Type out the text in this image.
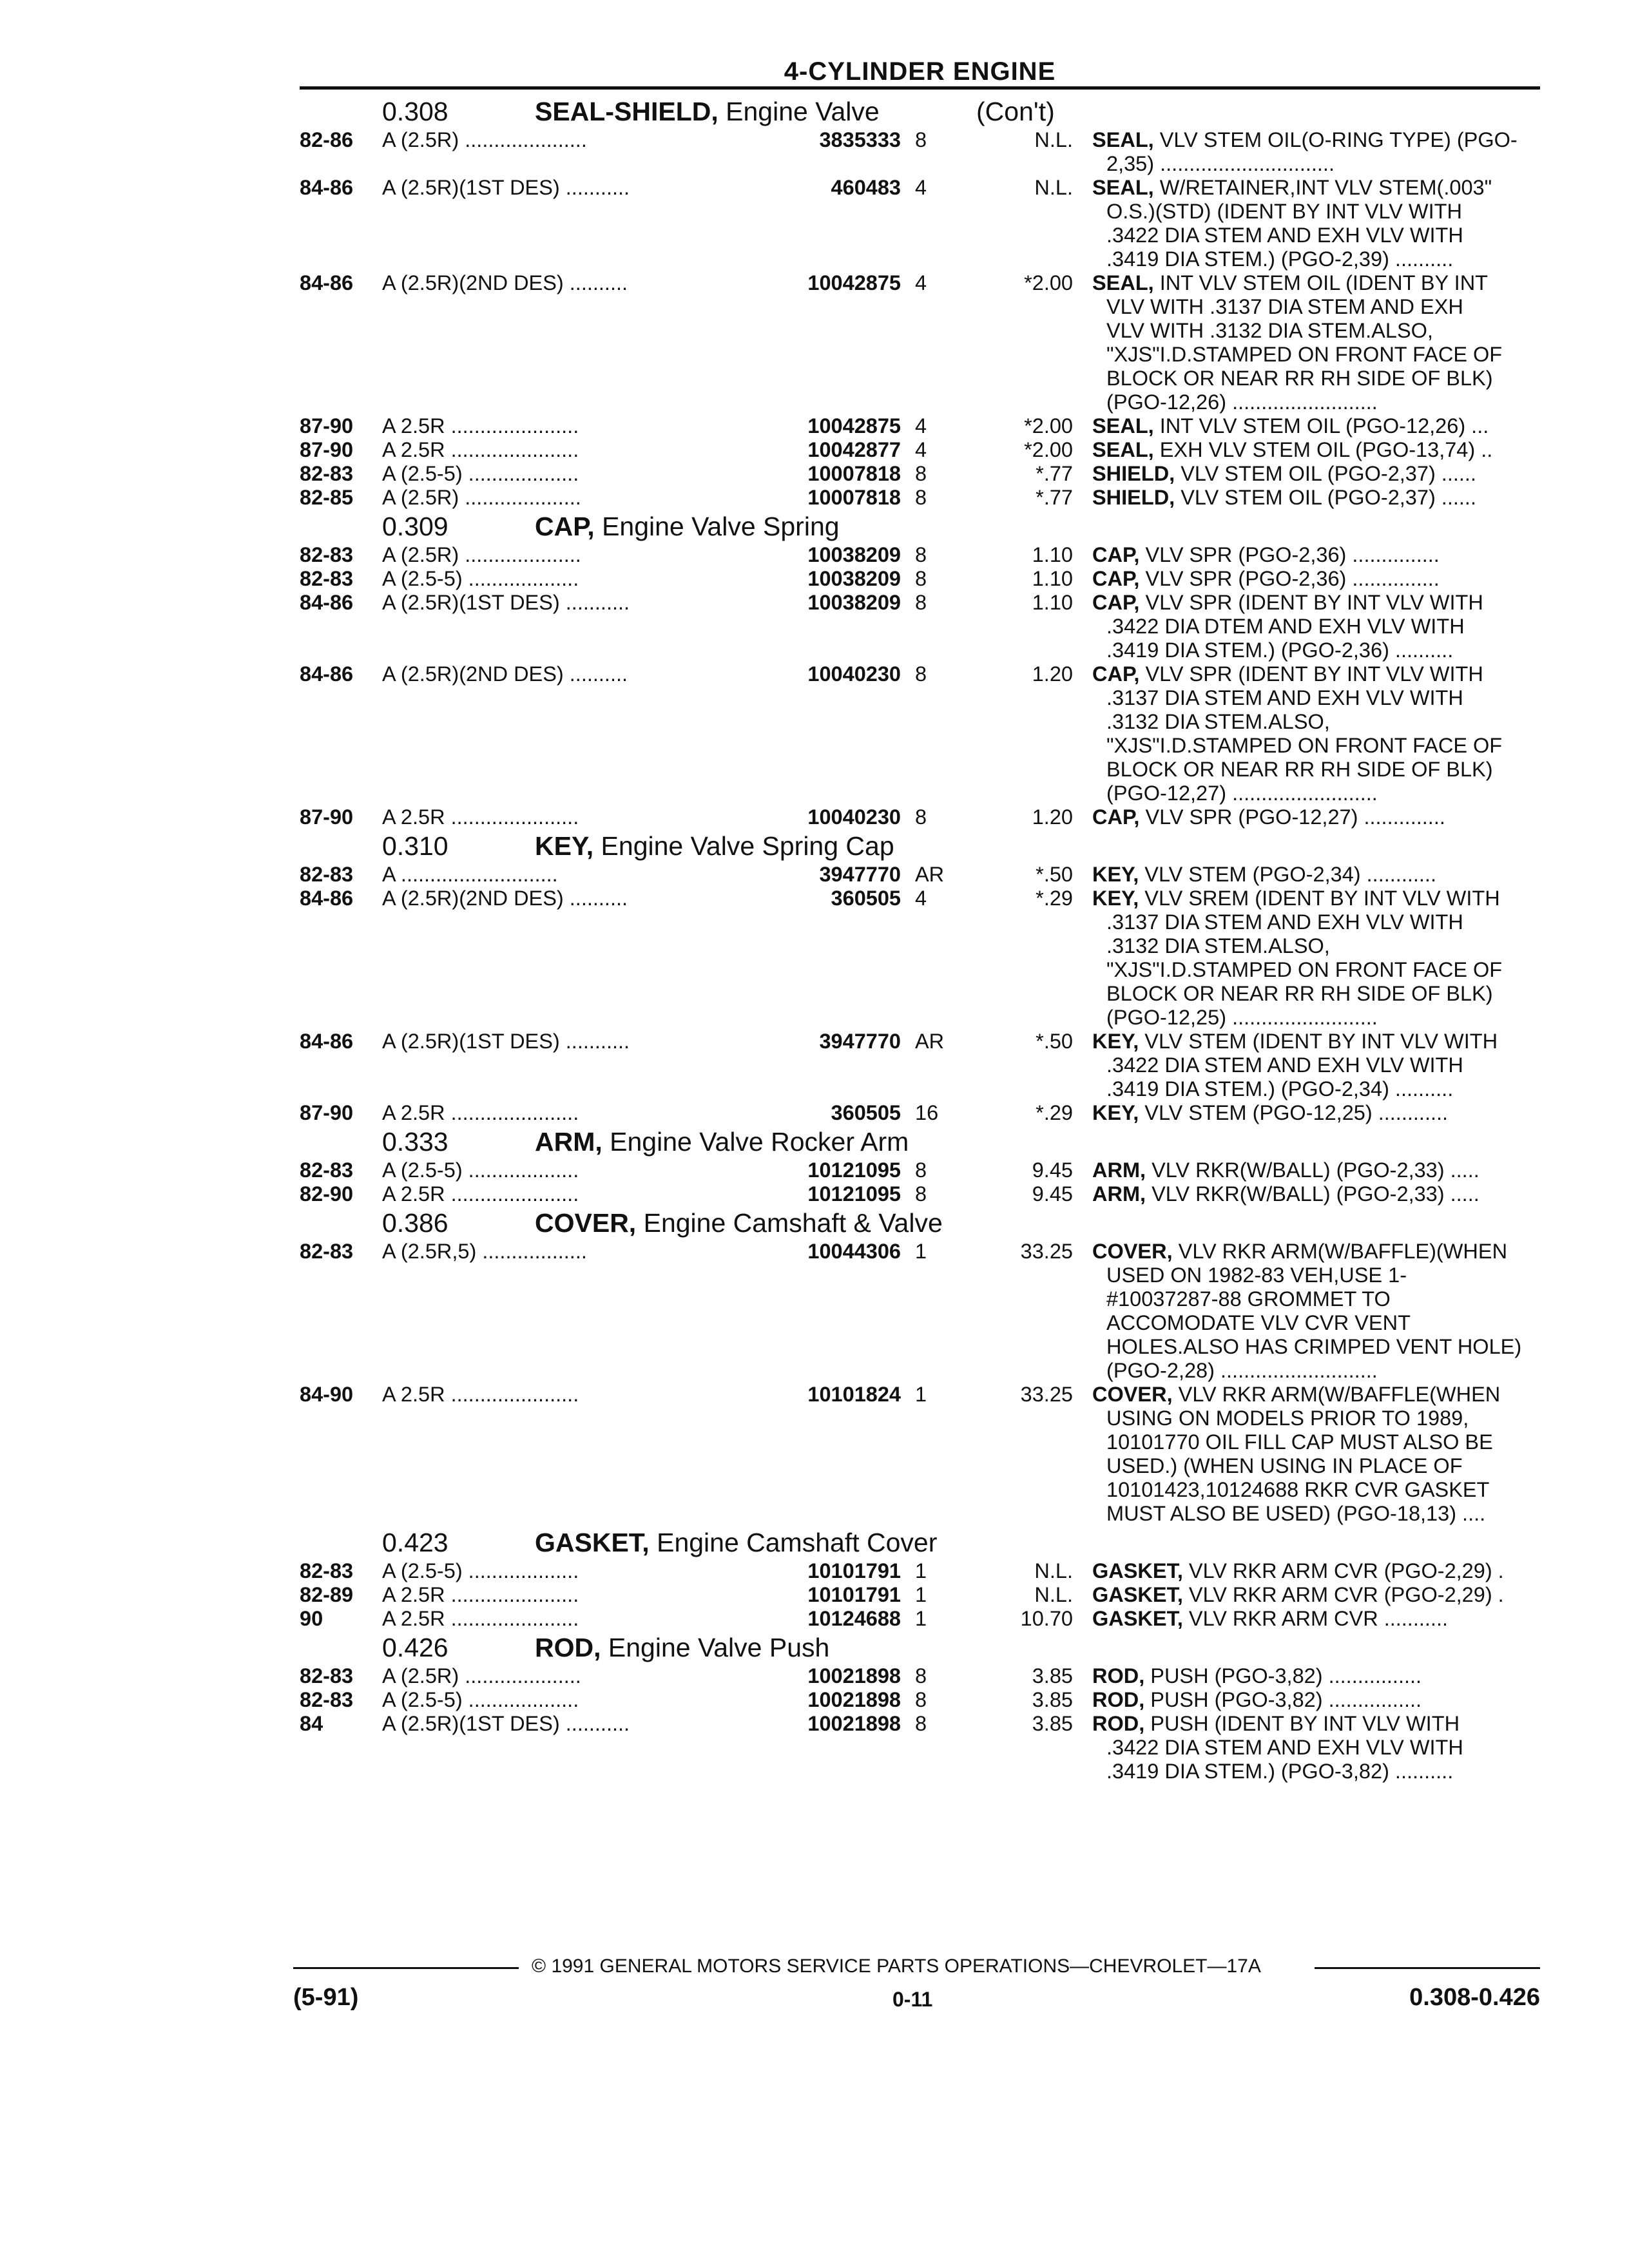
4-CYLINDER ENGINE
0.308	SEAL-SHIELD, Engine Valve	(Con't)
82-86 A (2.5R) .....................	3835333 8	N.L. SEAL, VLV STEM OIL(O-RING TYPE) (PGO-
2,35) ..............................
84-86 A (2.5R)(1ST DES) ...........	460483 4	N.L. SEAL, W/RETAINER,INT VLV STEM(.003"
O.S.)(STD) (IDENT BY INT VLV WITH
.3422 DIA STEM AND EXH VLV WITH
.3419 DIA STEM.) (PGO-2,39) ..........
84-86 A (2.5R)(2ND DES) ..........	10042875 4	*2.00 SEAL, INT VLV STEM OIL (IDENT BY INT
VLV WITH .3137 DIA STEM AND EXH
VLV WITH .3132 DIA STEM.ALSO,
"XJS"I.D.STAMPED ON FRONT FACE OF
BLOCK OR NEAR RR RH SIDE OF BLK)
(PGO-12,26) .........................
87-90 A 2.5R ......................	10042875 4	*2.00 SEAL, INT VLV STEM OIL (PGO-12,26) ...
87-90 A 2.5R ......................	10042877 4	*2.00 SEAL, EXH VLV STEM OIL (PGO-13,74) ..
82-83 A (2.5-5) ...................	10007818 8	*.77 SHIELD, VLV STEM OIL (PGO-2,37) ......
82-85 A (2.5R) ....................	10007818 8	*.77 SHIELD, VLV STEM OIL (PGO-2,37) ......
0.309	CAP, Engine Valve Spring
82-83 A (2.5R) ....................	10038209 8	1.10 CAP, VLV SPR (PGO-2,36) ...............
82-83 A (2.5-5) ...................	10038209 8	1.10 CAP, VLV SPR (PGO-2,36) ...............
84-86 A (2.5R)(1ST DES) ...........	10038209 8	1.10 CAP, VLV SPR (IDENT BY INT VLV WITH
.3422 DIA DTEM AND EXH VLV WITH
.3419 DIA STEM.) (PGO-2,36) ..........
84-86 A (2.5R)(2ND DES) ..........	10040230 8	1.20 CAP, VLV SPR (IDENT BY INT VLV WITH
.3137 DIA STEM AND EXH VLV WITH
.3132 DIA STEM.ALSO,
"XJS"I.D.STAMPED ON FRONT FACE OF
BLOCK OR NEAR RR RH SIDE OF BLK)
(PGO-12,27) .........................
87-90 A 2.5R ......................	10040230 8	1.20 CAP, VLV SPR (PGO-12,27) ..............
0.310	KEY, Engine Valve Spring Cap
82-83 A ...........................	3947770 AR	*.50 KEY, VLV STEM (PGO-2,34) ............
84-86 A (2.5R)(2ND DES) ..........	360505 4	*.29 KEY, VLV SREM (IDENT BY INT VLV WITH
.3137 DIA STEM AND EXH VLV WITH
.3132 DIA STEM.ALSO,
"XJS"I.D.STAMPED ON FRONT FACE OF
BLOCK OR NEAR RR RH SIDE OF BLK)
(PGO-12,25) .........................
84-86 A (2.5R)(1ST DES) ...........	3947770 AR	*.50 KEY, VLV STEM (IDENT BY INT VLV WITH
.3422 DIA STEM AND EXH VLV WITH
.3419 DIA STEM.) (PGO-2,34) ..........
87-90 A 2.5R ......................	360505 16	*.29 KEY, VLV STEM (PGO-12,25) ............
0.333	ARM, Engine Valve Rocker Arm
82-83 A (2.5-5) ...................	10121095 8	9.45 ARM, VLV RKR(W/BALL) (PGO-2,33) .....
82-90 A 2.5R ......................	10121095 8	9.45 ARM, VLV RKR(W/BALL) (PGO-2,33) .....
0.386	COVER, Engine Camshaft & Valve
82-83 A (2.5R,5) ..................	10044306 1	33.25 COVER, VLV RKR ARM(W/BAFFLE)(WHEN
USED ON 1982-83 VEH,USE 1-
#10037287-88 GROMMET TO
ACCOMODATE VLV CVR VENT
HOLES.ALSO HAS CRIMPED VENT HOLE)
(PGO-2,28) ...........................
84-90 A 2.5R ......................	10101824 1	33.25 COVER, VLV RKR ARM(W/BAFFLE(WHEN
USING ON MODELS PRIOR TO 1989,
10101770 OIL FILL CAP MUST ALSO BE
USED.) (WHEN USING IN PLACE OF
10101423,10124688 RKR CVR GASKET
MUST ALSO BE USED) (PGO-18,13) ....
0.423	GASKET, Engine Camshaft Cover
82-83 A (2.5-5) ...................	10101791 1	N.L. GASKET, VLV RKR ARM CVR (PGO-2,29) .
82-89 A 2.5R ......................	10101791 1	N.L. GASKET, VLV RKR ARM CVR (PGO-2,29) .
90	A 2.5R ......................	10124688 1	10.70 GASKET, VLV RKR ARM CVR ...........
0.426	ROD, Engine Valve Push
82-83 A (2.5R) ....................	10021898 8	3.85 ROD, PUSH (PGO-3,82) ................
82-83 A (2.5-5) ...................	10021898 8	3.85 ROD, PUSH (PGO-3,82) ................
84	A (2.5R)(1ST DES) ...........	10021898 8	3.85 ROD, PUSH (IDENT BY INT VLV WITH
.3422 DIA STEM AND EXH VLV WITH
.3419 DIA STEM.) (PGO-3,82) ..........
© 1991 GENERAL MOTORS SERVICE PARTS OPERATIONS—CHEVROLET—17A
(5-91)	0-11	0.308-0.426
